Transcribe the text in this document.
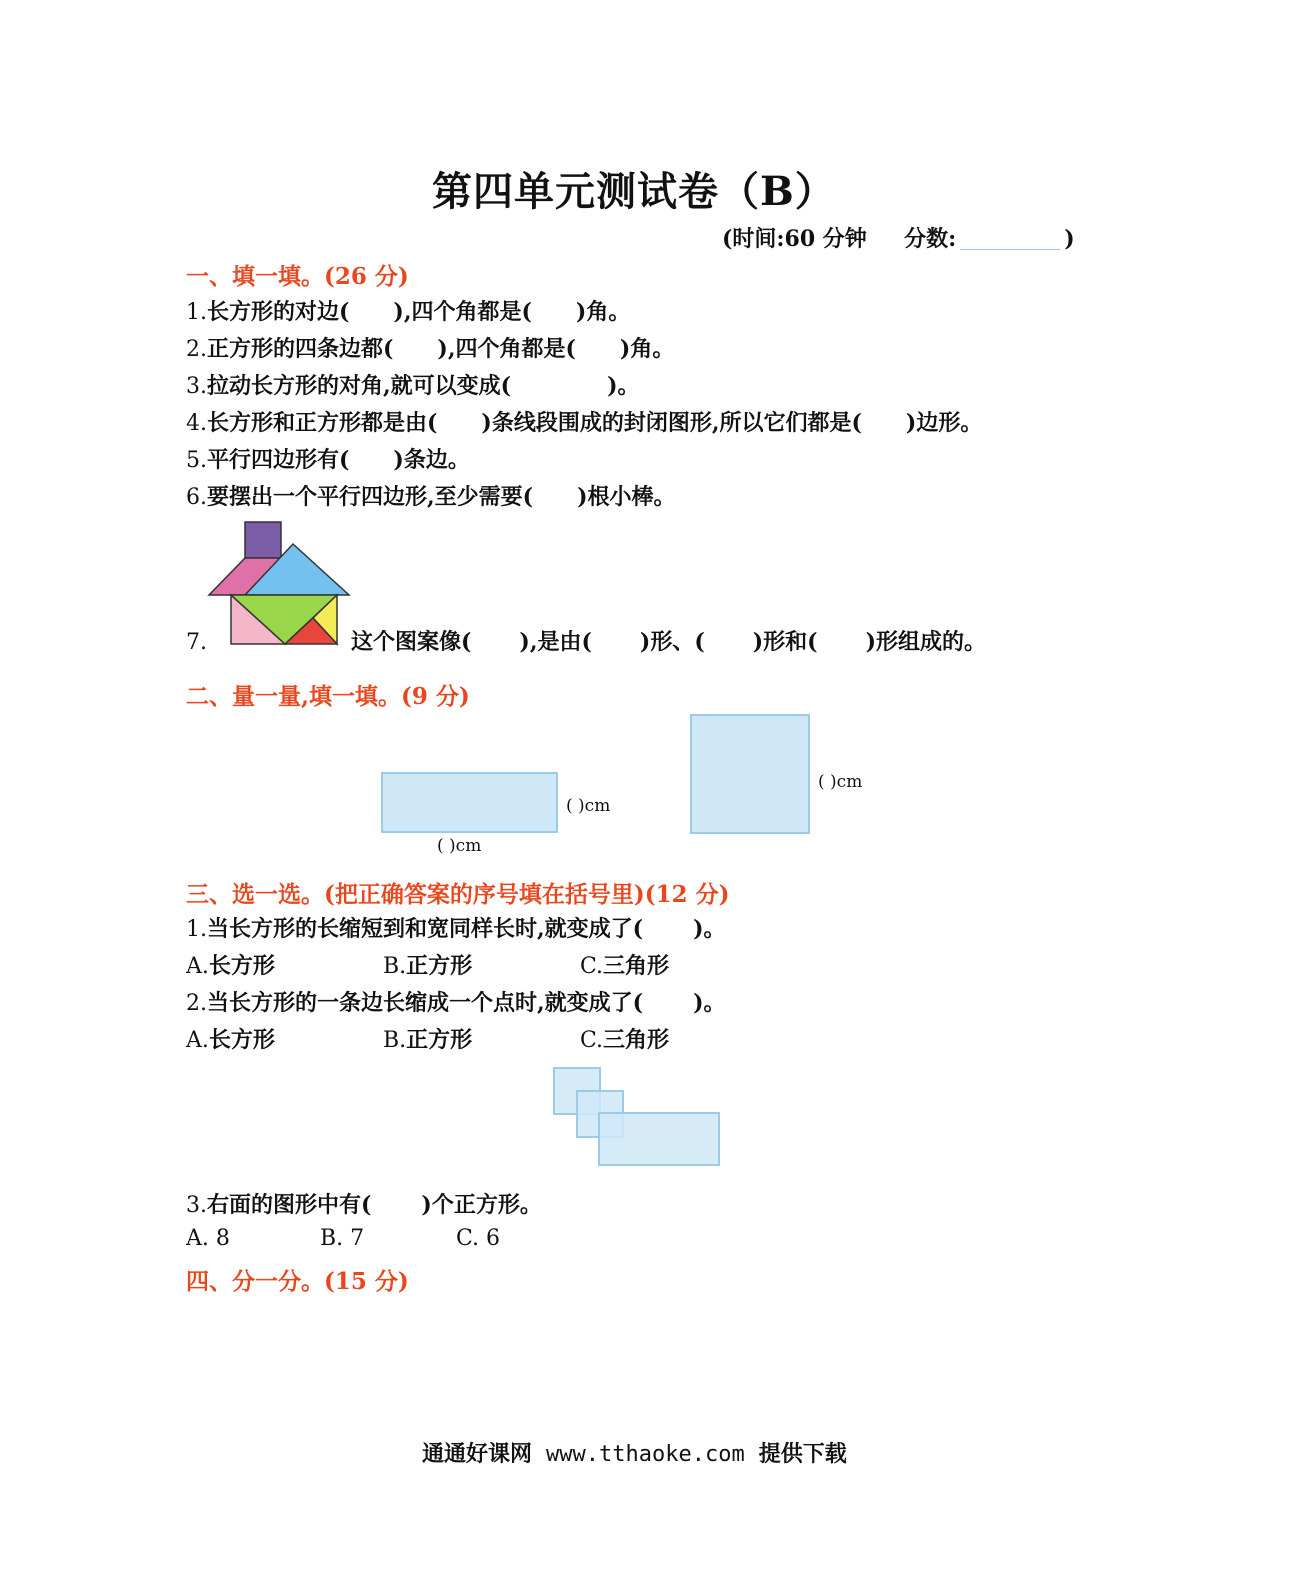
第四单元测试卷（B）
(时间:60 分钟 分数:	)
一、填一填。(26 分)
1.长方形的对边( ),四个角都是( )角。
2.正方形的四条边都( ),四个角都是( )角。
3.拉动长方形的对角,就可以变成(	)。
4.长方形和正方形都是由( )条线段围成的封闭图形,所以它们都是( )边形。
5.平行四边形有( )条边。
6.要摆出一个平行四边形,至少需要( )根小棒。
7.	这个图案像( ),是由( )形、( )形和( )形组成的。
二、量一量,填一填。(9 分)
( )cm
( )cm
( )cm
三、选一选。(把正确答案的序号填在括号里)(12 分)
1.当长方形的长缩短到和宽同样长时,就变成了( )。
A.长方形	B.正方形	C.三角形
2.当长方形的一条边长缩成一个点时,就变成了( )。
A.长方形	B.正方形	C.三角形
3.右面的图形中有( )个正方形。
A. 8	B. 7	C. 6
四、分一分。(15 分)
通通好课网 www.tthaoke.com 提供下载
